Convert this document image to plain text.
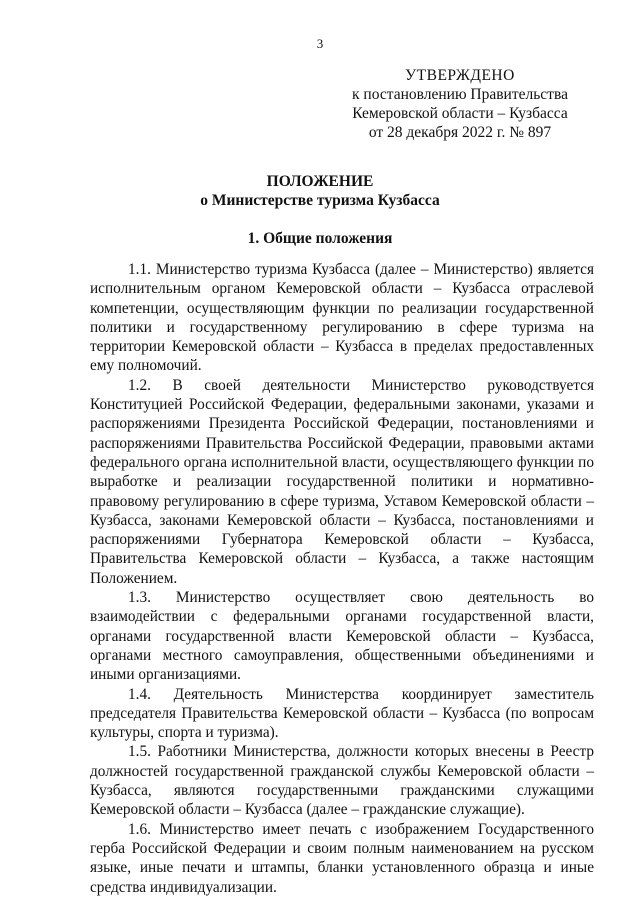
3
УТВЕРЖДЕНО
к постановлению Правительства
Кемеровской области – Кузбасса
от 28 декабря 2022 г. № 897
ПОЛОЖЕНИЕ
о Министерстве туризма Кузбасса
1. Общие положения

1.1. Министерство туризма Кузбасса (далее – Министерство) является исполнительным органом Кемеровской области – Кузбасса отраслевой компетенции, осуществляющим функции по реализации государственной политики и государственному регулированию в сфере туризма на территории Кемеровской области – Кузбасса в пределах предоставленных ему полномочий.

1.2. В своей деятельности Министерство руководствуется Конституцией Российской Федерации, федеральными законами, указами и распоряжениями Президента Российской Федерации, постановлениями и распоряжениями Правительства Российской Федерации, правовыми актами федерального органа исполнительной власти, осуществляющего функции по выработке и реализации государственной политики и нормативно-правовому регулированию в сфере туризма, Уставом Кемеровской области – Кузбасса, законами Кемеровской области – Кузбасса, постановлениями и распоряжениями Губернатора Кемеровской области – Кузбасса, Правительства Кемеровской области – Кузбасса, а также настоящим Положением.

1.3. Министерство осуществляет свою деятельность во взаимодействии с федеральными органами государственной власти, органами государственной власти Кемеровской области – Кузбасса, органами местного самоуправления, общественными объединениями и иными организациями.

1.4. Деятельность Министерства координирует заместитель председателя Правительства Кемеровской области – Кузбасса (по вопросам культуры, спорта и туризма).

1.5. Работники Министерства, должности которых внесены в Реестр должностей государственной гражданской службы Кемеровской области – Кузбасса, являются государственными гражданскими служащими Кемеровской области – Кузбасса (далее – гражданские служащие).

1.6. Министерство имеет печать с изображением Государственного герба Российской Федерации и своим полным наименованием на русском языке, иные печати и штампы, бланки установленного образца и иные средства индивидуализации.
